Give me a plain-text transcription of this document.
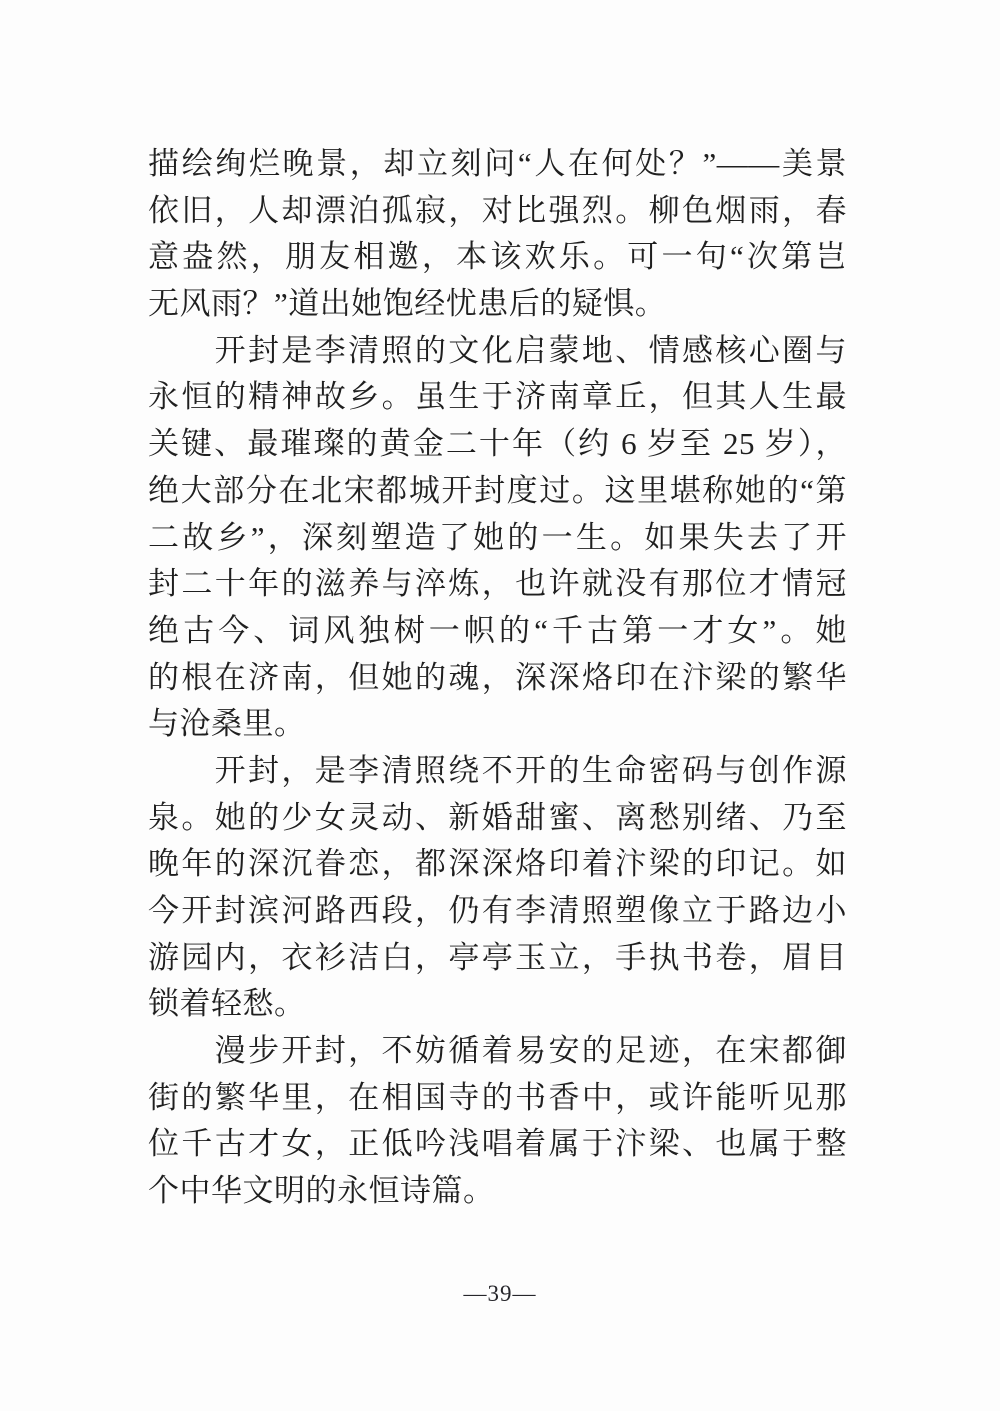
描绘绚烂晚景，却立刻问“人在何处？”——美景
依旧，人却漂泊孤寂，对比强烈。柳色烟雨，春
意盎然，朋友相邀，本该欢乐。可一句“次第岂
无风雨？”道出她饱经忧患后的疑惧。
开封是李清照的文化启蒙地、情感核心圈与
永恒的精神故乡。虽生于济南章丘，但其人生最
关键、最璀璨的黄金二十年（约 6 岁至 25 岁），
绝大部分在北宋都城开封度过。这里堪称她的“第
二故乡”，深刻塑造了她的一生。如果失去了开
封二十年的滋养与淬炼，也许就没有那位才情冠
绝古今、词风独树一帜的“千古第一才女”。她
的根在济南，但她的魂，深深烙印在汴梁的繁华
与沧桑里。
开封，是李清照绕不开的生命密码与创作源
泉。她的少女灵动、新婚甜蜜、离愁别绪、乃至
晚年的深沉眷恋，都深深烙印着汴梁的印记。如
今开封滨河路西段，仍有李清照塑像立于路边小
游园内，衣衫洁白，亭亭玉立，手执书卷，眉目
锁着轻愁。
漫步开封，不妨循着易安的足迹，在宋都御
街的繁华里，在相国寺的书香中，或许能听见那
位千古才女，正低吟浅唱着属于汴梁、也属于整
个中华文明的永恒诗篇。
—39—
